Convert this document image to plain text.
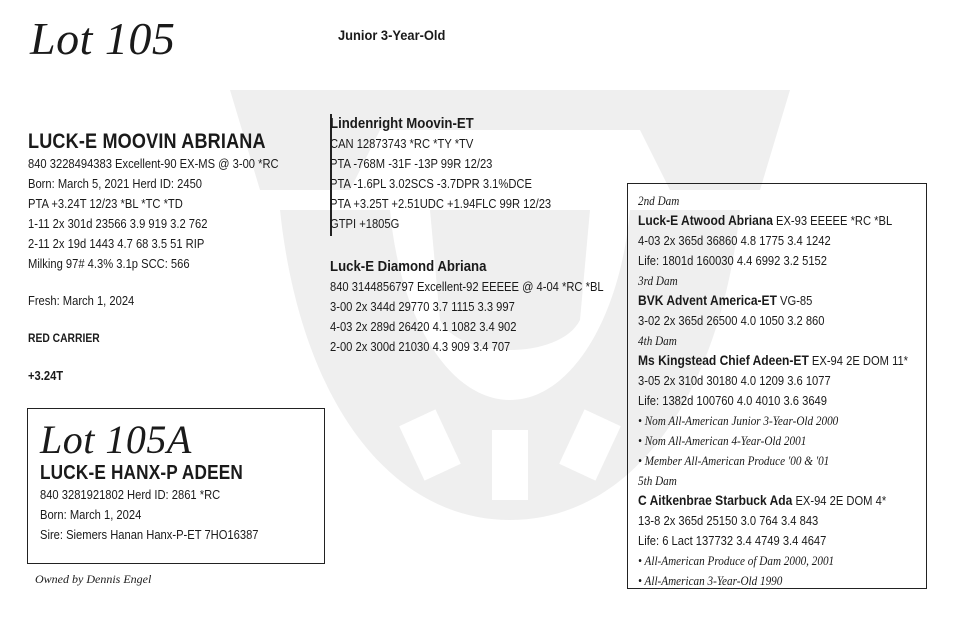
Lot 105	Junior 3-Year-Old
LUCK-E MOOVIN ABRIANA
840 3228494383 Excellent-90 EX-MS @ 3-00 *RC
Born: March 5, 2021 Herd ID: 2450
PTA +3.24T 12/23 *BL *TC *TD
1-11 2x 301d 23566 3.9 919 3.2 762
2-11 2x 19d 1443 4.7 68 3.5 51 RIP
Milking 97# 4.3% 3.1p SCC: 566
Fresh: March 1, 2024
RED CARRIER
+3.24T
Lindenright Moovin-ET
CAN 12873743 *RC *TY *TV
PTA -768M -31F -13P 99R 12/23
PTA -1.6PL 3.02SCS -3.7DPR 3.1%DCE
PTA +3.25T +2.51UDC +1.94FLC 99R 12/23
GTPI +1805G
Luck-E Diamond Abriana
840 3144856797 Excellent-92 EEEEE @ 4-04 *RC *BL
3-00 2x 344d 29770 3.7 1115 3.3 997
4-03 2x 289d 26420 4.1 1082 3.4 902
2-00 2x 300d 21030 4.3 909 3.4 707
2nd Dam
Luck-E Atwood Abriana EX-93 EEEEE *RC *BL
4-03 2x 365d 36860 4.8 1775 3.4 1242
Life: 1801d 160030 4.4 6992 3.2 5152
3rd Dam
BVK Advent America-ET VG-85
3-02 2x 365d 26500 4.0 1050 3.2 860
4th Dam
Ms Kingstead Chief Adeen-ET EX-94 2E DOM 11*
3-05 2x 310d 30180 4.0 1209 3.6 1077
Life: 1382d 100760 4.0 4010 3.6 3649
• Nom All-American Junior 3-Year-Old 2000
• Nom All-American 4-Year-Old 2001
• Member All-American Produce '00 & '01
5th Dam
C Aitkenbrae Starbuck Ada EX-94 2E DOM 4*
13-8 2x 365d 25150 3.0 764 3.4 843
Life: 6 Lact 137732 3.4 4749 3.4 4647
• All-American Produce of Dam 2000, 2001
• All-American 3-Year-Old 1990
Lot 105A
LUCK-E HANX-P ADEEN
840 3281921802 Herd ID: 2861 *RC
Born: March 1, 2024
Sire: Siemers Hanan Hanx-P-ET 7HO16387
Owned by Dennis Engel
